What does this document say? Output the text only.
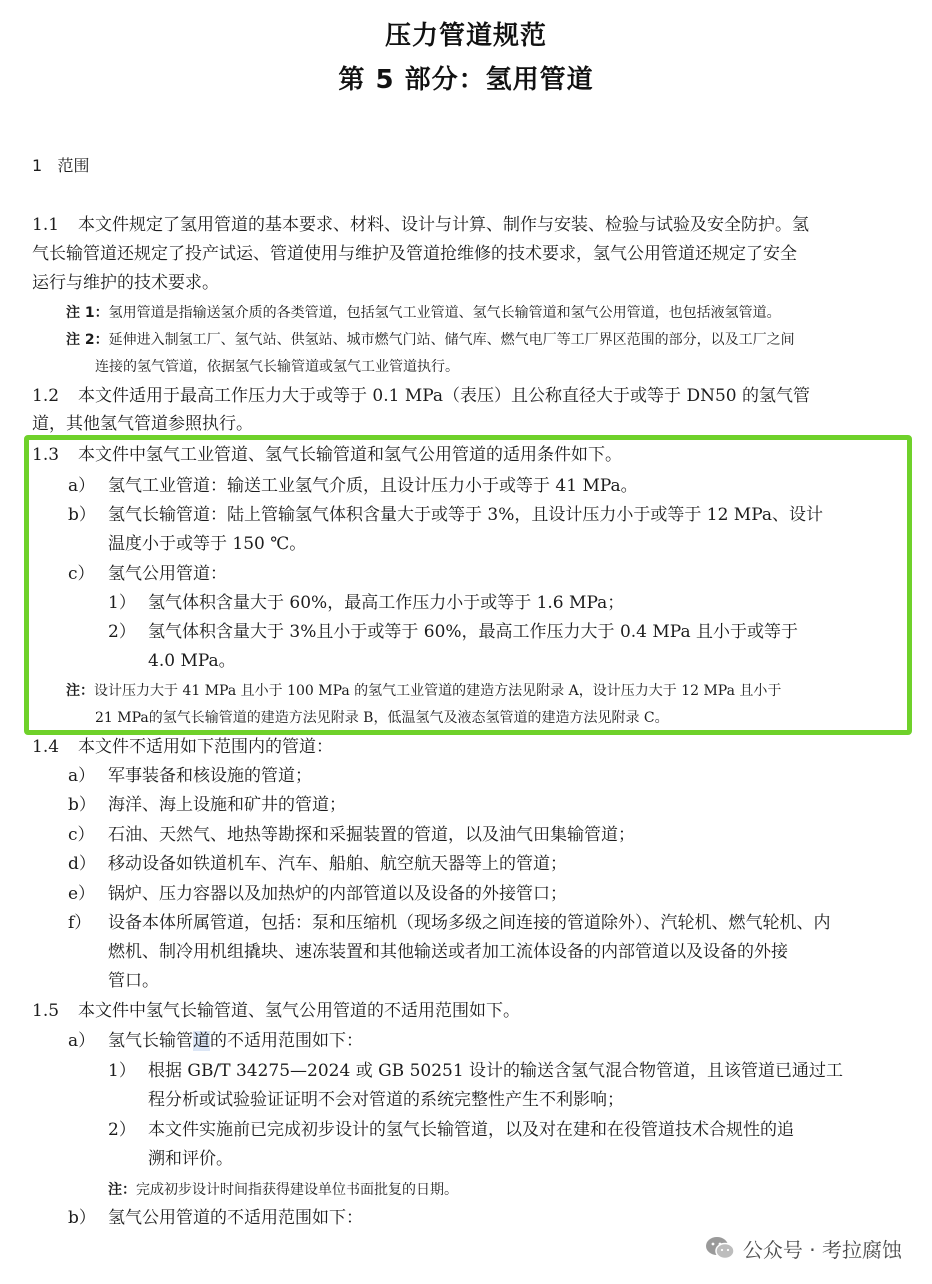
压力管道规范
第 5 部分：氢用管道
1 范围
1.1 本文件规定了氢用管道的基本要求、材料、设计与计算、制作与安装、检验与试验及安全防护。氢
气长输管道还规定了投产试运、管道使用与维护及管道抢维修的技术要求，氢气公用管道还规定了安全
运行与维护的技术要求。
注 1：氢用管道是指输送氢介质的各类管道，包括氢气工业管道、氢气长输管道和氢气公用管道，也包括液氢管道。
注 2：延伸进入制氢工厂、氢气站、供氢站、城市燃气门站、储气库、燃气电厂等工厂界区范围的部分，以及工厂之间
连接的氢气管道，依据氢气长输管道或氢气工业管道执行。
1.2 本文件适用于最高工作压力大于或等于 0.1 MPa（表压）且公称直径大于或等于 DN50 的氢气管
道，其他氢气管道参照执行。
1.3 本文件中氢气工业管道、氢气长输管道和氢气公用管道的适用条件如下。
a） 氢气工业管道：输送工业氢气介质，且设计压力小于或等于 41 MPa。
b） 氢气长输管道：陆上管输氢气体积含量大于或等于 3%，且设计压力小于或等于 12 MPa、设计
温度小于或等于 150 ℃。
c） 氢气公用管道：
1） 氢气体积含量大于 60%，最高工作压力小于或等于 1.6 MPa；
2） 氢气体积含量大于 3%且小于或等于 60%，最高工作压力大于 0.4 MPa 且小于或等于
4.0 MPa。
注：设计压力大于 41 MPa 且小于 100 MPa 的氢气工业管道的建造方法见附录 A，设计压力大于 12 MPa 且小于
21 MPa的氢气长输管道的建造方法见附录 B，低温氢气及液态氢管道的建造方法见附录 C。
1.4 本文件不适用如下范围内的管道：
a） 军事装备和核设施的管道；
b） 海洋、海上设施和矿井的管道；
c） 石油、天然气、地热等勘探和采掘装置的管道，以及油气田集输管道；
d） 移动设备如铁道机车、汽车、船舶、航空航天器等上的管道；
e） 锅炉、压力容器以及加热炉的内部管道以及设备的外接管口；
f） 设备本体所属管道，包括：泵和压缩机（现场多级之间连接的管道除外）、汽轮机、燃气轮机、内
燃机、制冷用机组撬块、速冻装置和其他输送或者加工流体设备的内部管道以及设备的外接
管口。
1.5 本文件中氢气长输管道、氢气公用管道的不适用范围如下。
a） 氢气长输管道的不适用范围如下：
1） 根据 GB/T 34275—2024 或 GB 50251 设计的输送含氢气混合物管道，且该管道已通过工
程分析或试验验证证明不会对管道的系统完整性产生不利影响；
2） 本文件实施前已完成初步设计的氢气长输管道，以及对在建和在役管道技术合规性的追
溯和评价。
注：完成初步设计时间指获得建设单位书面批复的日期。
b） 氢气公用管道的不适用范围如下：
公众号 · 考拉腐蚀
